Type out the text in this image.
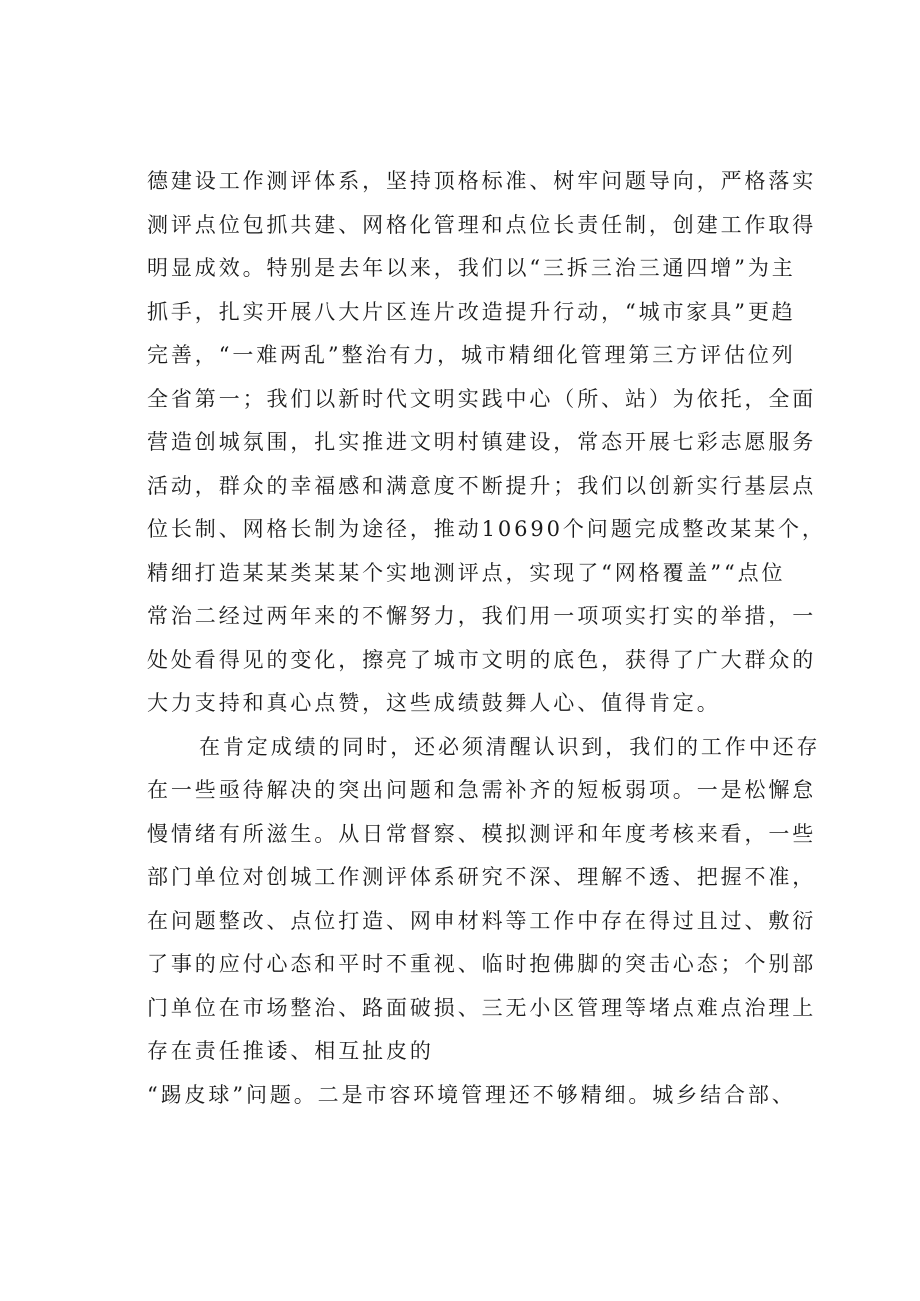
德建设工作测评体系，坚持顶格标准、树牢问题导向，严格落实
测评点位包抓共建、网格化管理和点位长责任制，创建工作取得
明显成效。特别是去年以来，我们以“三拆三治三通四增”为主
抓手，扎实开展八大片区连片改造提升行动，“城市家具”更趋
完善，“一难两乱”整治有力，城市精细化管理第三方评估位列
全省第一；我们以新时代文明实践中心（所、站）为依托，全面
营造创城氛围，扎实推进文明村镇建设，常态开展七彩志愿服务
活动，群众的幸福感和满意度不断提升；我们以创新实行基层点
位长制、网格长制为途径，推动10690个问题完成整改某某个，
精细打造某某类某某个实地测评点，实现了“网格覆盖”“点位
常治二经过两年来的不懈努力，我们用一项项实打实的举措，一
处处看得见的变化，擦亮了城市文明的底色，获得了广大群众的
大力支持和真心点赞，这些成绩鼓舞人心、值得肯定。
在肯定成绩的同时，还必须清醒认识到，我们的工作中还存
在一些亟待解决的突出问题和急需补齐的短板弱项。一是松懈怠
慢情绪有所滋生。从日常督察、模拟测评和年度考核来看，一些
部门单位对创城工作测评体系研究不深、理解不透、把握不准，
在问题整改、点位打造、网申材料等工作中存在得过且过、敷衍
了事的应付心态和平时不重视、临时抱佛脚的突击心态；个别部
门单位在市场整治、路面破损、三无小区管理等堵点难点治理上
存在责任推诿、相互扯皮的
“踢皮球”问题。二是市容环境管理还不够精细。城乡结合部、
